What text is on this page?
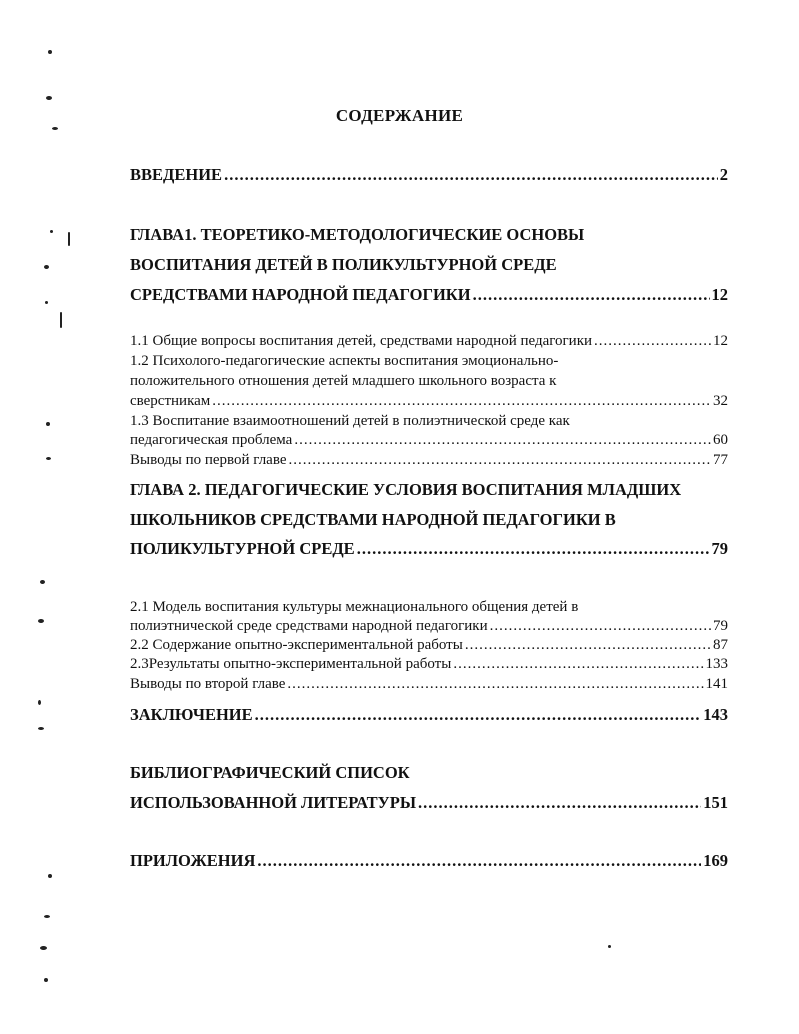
СОДЕРЖАНИЕ
ВВЕДЕНИЕ .....	2
ГЛАВА1. ТЕОРЕТИКО-МЕТОДОЛОГИЧЕСКИЕ ОСНОВЫ
ВОСПИТАНИЯ ДЕТЕЙ В ПОЛИКУЛЬТУРНОЙ СРЕДЕ
СРЕДСТВАМИ НАРОДНОЙ ПЕДАГОГИКИ .....	12
1.1 Общие вопросы воспитания детей, средствами народной педагогики .....	12
1.2 Психолого-педагогические аспекты воспитания эмоционально-
положительного отношения детей младшего школьного возраста к
сверстникам .....	32
1.3 Воспитание взаимоотношений детей в полиэтнической среде как
педагогическая проблема .....	60
Выводы по первой главе .....	77
ГЛАВА 2. ПЕДАГОГИЧЕСКИЕ УСЛОВИЯ ВОСПИТАНИЯ МЛАДШИХ
ШКОЛЬНИКОВ СРЕДСТВАМИ НАРОДНОЙ ПЕДАГОГИКИ В
ПОЛИКУЛЬТУРНОЙ СРЕДЕ .....	79
2.1 Модель воспитания культуры межнационального общения детей в
полиэтнической среде средствами народной педагогики .....	79
2.2 Содержание опытно-экспериментальной работы .....	87
2.3Результаты опытно-экспериментальной работы .....	133
Выводы по второй главе .....	141
ЗАКЛЮЧЕНИЕ .....	143
БИБЛИОГРАФИЧЕСКИЙ СПИСОК
ИСПОЛЬЗОВАННОЙ ЛИТЕРАТУРЫ .....	151
ПРИЛОЖЕНИЯ .....	169
